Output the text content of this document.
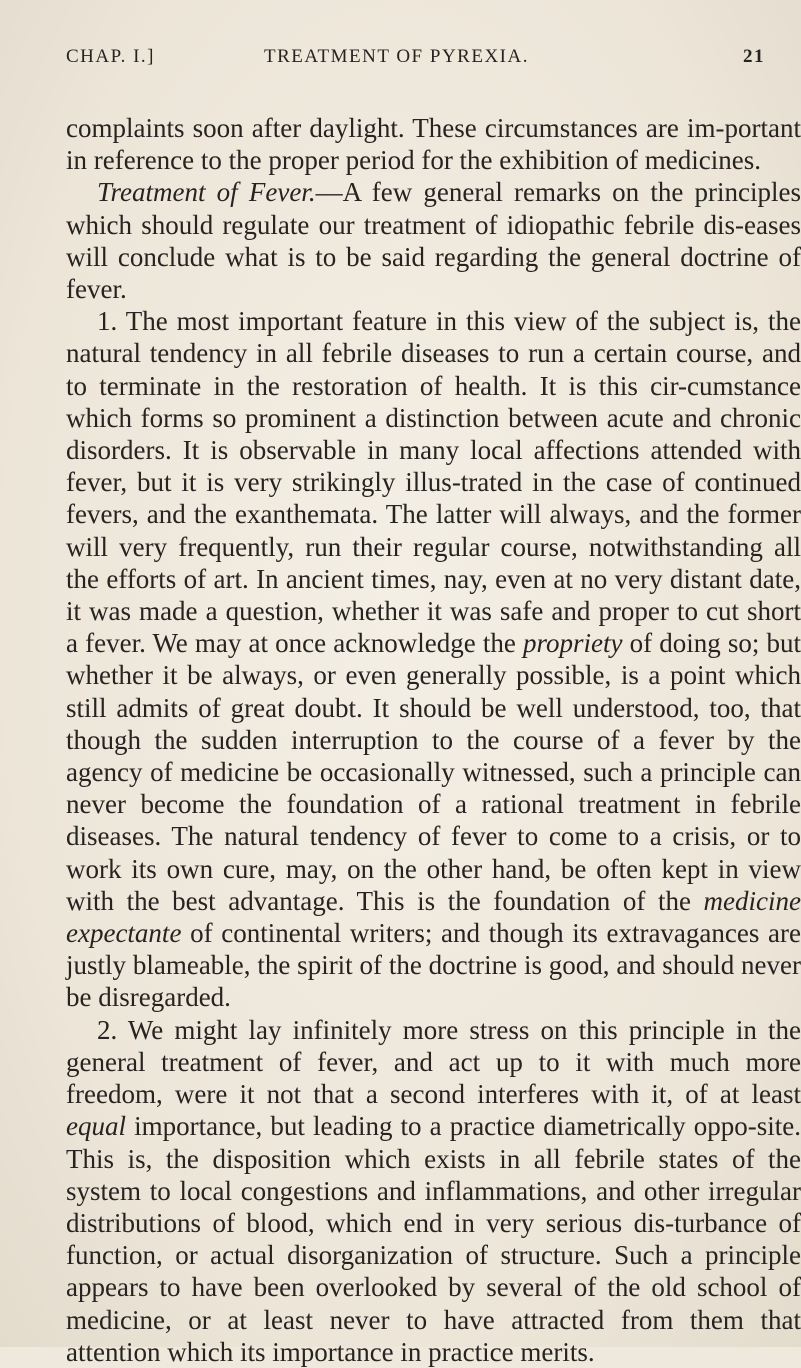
CHAP. I.]	TREATMENT OF PYREXIA.	21

complaints soon after daylight. These circumstances are im-portant in reference to the proper period for the exhibition of medicines.

Treatment of Fever.—A few general remarks on the principles which should regulate our treatment of idiopathic febrile dis-eases will conclude what is to be said regarding the general doctrine of fever.

1. The most important feature in this view of the subject is, the natural tendency in all febrile diseases to run a certain course, and to terminate in the restoration of health. It is this cir-cumstance which forms so prominent a distinction between acute and chronic disorders. It is observable in many local affections attended with fever, but it is very strikingly illus-trated in the case of continued fevers, and the exanthemata. The latter will always, and the former will very frequently, run their regular course, notwithstanding all the efforts of art. In ancient times, nay, even at no very distant date, it was made a question, whether it was safe and proper to cut short a fever. We may at once acknowledge the propriety of doing so; but whether it be always, or even generally possible, is a point which still admits of great doubt. It should be well understood, too, that though the sudden interruption to the course of a fever by the agency of medicine be occasionally witnessed, such a principle can never become the foundation of a rational treatment in febrile diseases. The natural tendency of fever to come to a crisis, or to work its own cure, may, on the other hand, be often kept in view with the best advantage. This is the foundation of the medicine expectante of continental writers; and though its extravagances are justly blameable, the spirit of the doctrine is good, and should never be disregarded.

2. We might lay infinitely more stress on this principle in the general treatment of fever, and act up to it with much more freedom, were it not that a second interferes with it, of at least equal importance, but leading to a practice diametrically oppo-site. This is, the disposition which exists in all febrile states of the system to local congestions and inflammations, and other irregular distributions of blood, which end in very serious dis-turbance of function, or actual disorganization of structure. Such a principle appears to have been overlooked by several of the old school of medicine, or at least never to have attracted from them that attention which its importance in practice merits.
